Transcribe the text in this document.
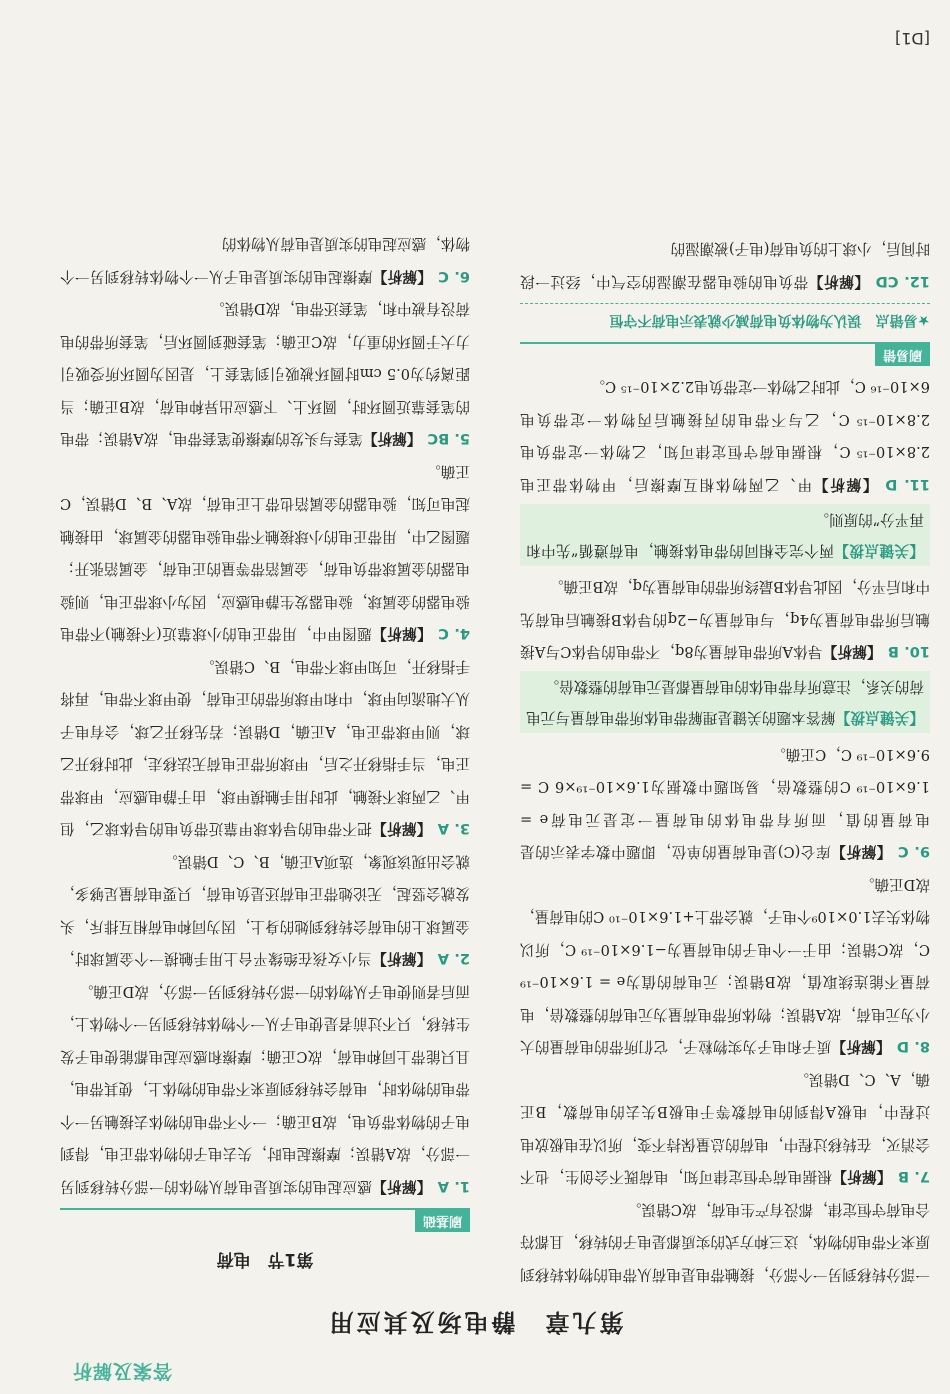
答案及解析
第九章　静电场及其应用
第1节　电荷
刷基础

1. A【解析】感应起电的实质是电荷从物体的一部分转移到另一部分，故A错误；摩擦起电时，失去电子的物体带正电，得到电子的物体带负电，故B正确；一个不带电的物体去接触另一个带电的物体时，电荷会转移到原来不带电的物体上，使其带电，且只能带上同种电荷，故C正确；摩擦和感应起电都能使电子发生转移，只不过前者是使电子从一个物体转移到另一个物体上，而后者则使电子从物体的一部分转移到另一部分，故D正确。

2. A【解析】当小女孩在绝缘平台上用手触摸一个金属球时，金属球上的电荷会转移到她的身上，因为同种电荷相互排斥，头发就会竖起，无论她带正电荷还是负电荷，只要电荷量足够多，就会出现该现象，选项A正确，B、C、D错误。

3. A【解析】把不带电的导体球甲靠近带负电的导体球乙，但甲、乙两球不接触，此时用手触摸甲球，由于静电感应，甲球带正电，当手指移开之后，甲球所带正电荷无法移走，此时移开乙球，则甲球带正电，A正确，D错误；若先移开乙球，会有电子从大地流向甲球，中和甲球所带的正电荷，使甲球不带电，再将手指移开，可知甲球不带电，B、C错误。

4. C【解析】题图甲中，用带正电的小球靠近(不接触)不带电验电器的金属球，验电器发生静电感应，因为小球带正电，则验电器的金属球带负电荷，金属箔带等量的正电荷，金属箔张开；题图乙中，用带正电的小球接触不带电验电器的金属球，由接触起电可知，验电器的金属箔也带上正电荷，故A、B、D错误，C正确。

5. BC【解析】笔套与头发的摩擦使笔套带电，故A错误；带电的笔套靠近圆环时，圆环上、下感应出异种电荷，故B正确；当距离约为0.5 cm时圆环被吸引到笔套上，是因为圆环所受吸引力大于圆环的重力，故C正确；笔套碰到圆环后，笔套所带的电荷没有被中和，笔套还带电，故D错误。

6. C【解析】摩擦起电的实质是电子从一个物体转移到另一个物体，感应起电的实质是电荷从物体的

一部分转移到另一个部分，接触带电是电荷从带电的物体转移到原来不带电的物体，这三种方式的实质都是电子的转移，且都符合电荷守恒定律，都没有产生电荷，故C错误。

7. B【解析】根据电荷守恒定律可知，电荷既不会创生，也不会消灭，在转移过程中，电荷的总量保持不变，所以在电极放电过程中，电极A得到的电荷数等于电极B失去的电荷数，B正确，A、C、D错误。

8. D【解析】质子和电子为实物粒子，它们所带的电荷量的大小为元电荷，故A错误；物体所带电荷量为元电荷的整数倍，电荷量不能连续取值，故B错误；元电荷的值为e = 1.6×10⁻¹⁹ C，故C错误；由于一个电子的电荷量为−1.6×10⁻¹⁹ C，所以物体失去1.0×10⁹个电子，就会带上+1.6×10⁻¹⁰ C的电荷量，故D正确。

9. C【解析】库仑(C)是电荷量的单位，即题中数字表示的是电荷量的值，而所有带电体的电荷量一定是元电荷e = 1.6×10⁻¹⁹ C的整数倍，易知题中数据为1.6×10⁻¹⁹×6 C = 9.6×10⁻¹⁹ C，C正确。

【关键点拨】解答本题的关键是理解带电体所带电荷量与元电荷的关系，注意所有带电体的电荷量都是元电荷的整数倍。

10. B【解析】导体A所带电荷量为8q，不带电的导体C与A接触后所带电荷量为4q，与电荷量为−2q的导体B接触后电荷先中和后平分，因此导体B最终所带的电荷量为q，故B正确。

【关键点拨】两个完全相同的带电体接触，电荷遵循“先中和再平分”的原则。

11. D【解析】甲、乙两物体相互摩擦后，甲物体带正电2.8×10⁻¹⁵ C，根据电荷守恒定律可知，乙物体一定带负电2.8×10⁻¹⁵ C，乙与不带电的丙接触后丙物体一定带负电6×10⁻¹⁶ C，此时乙物体一定带负电2.2×10⁻¹⁵ C。

刷易错
★易错点　误认为物体负电荷减少就表示电荷不守恒

12. CD【解析】带负电的验电器在潮湿的空气中，经过一段时间后，小球上的负电荷(电子)被潮湿的

[D1]
